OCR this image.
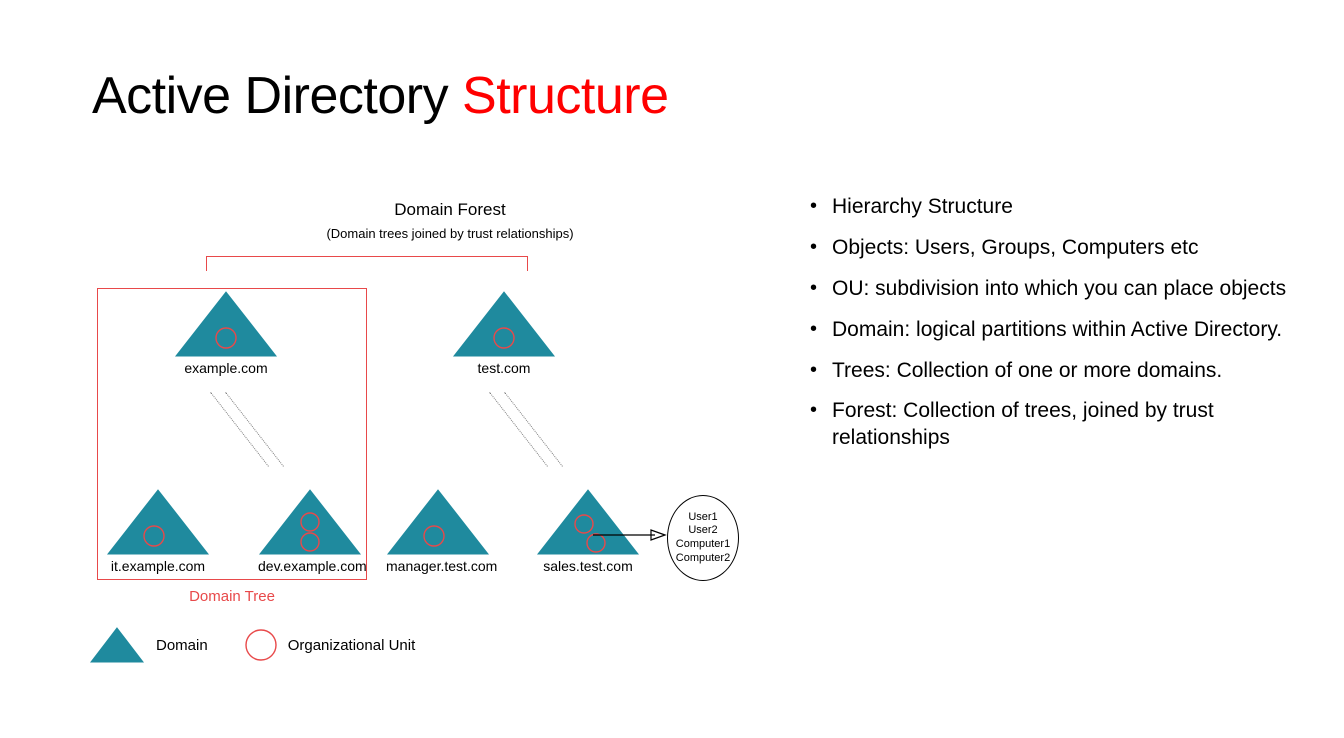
Active Directory Structure
Domain Forest
(Domain trees joined by trust relationships)
Domain Tree
example.com	test.com
it.example.com	dev.example.com manager.test.com	sales.test.com
User1
User2
Computer1
Computer2
Domain	Organizational Unit
• Hierarchy Structure
• Objects: Users, Groups, Computers etc
• OU: subdivision into which you can place objects
• Domain: logical partitions within Active Directory.
• Trees: Collection of one or more domains.
• Forest: Collection of trees, joined by trust relationships
